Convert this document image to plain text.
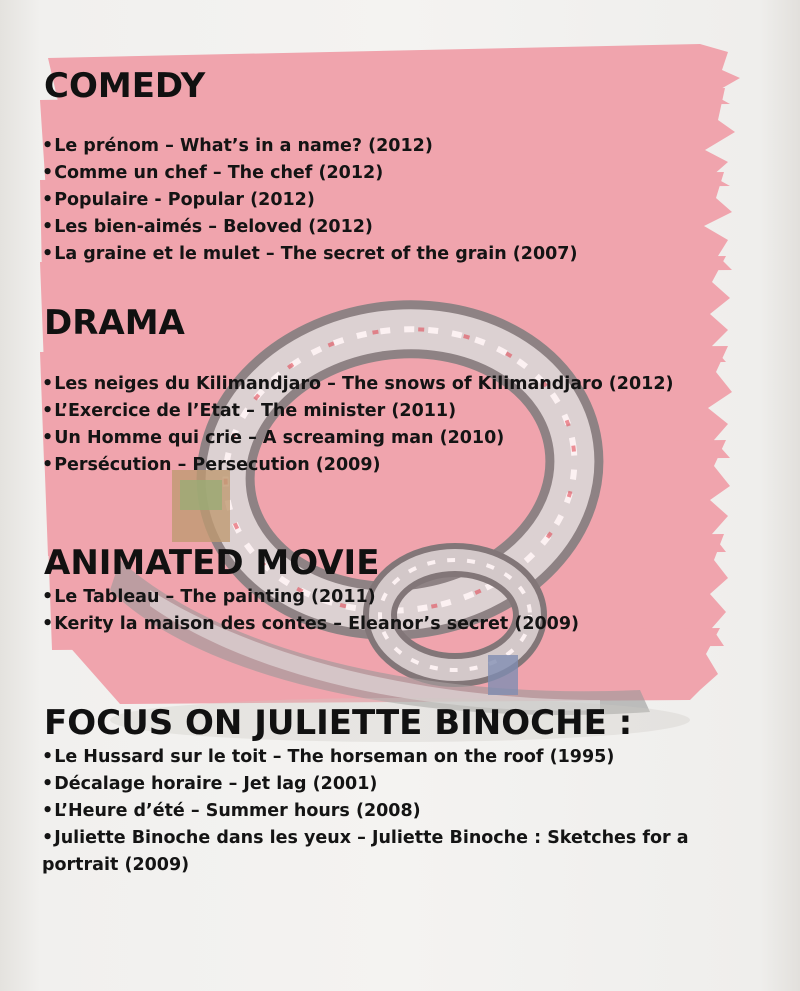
COMEDY
•Le prénom – What’s in a name? (2012)
•Comme un chef – The chef (2012)
•Populaire - Popular (2012)
•Les bien-aimés – Beloved (2012)
•La graine et le mulet – The secret of the grain (2007)
DRAMA
•Les neiges du Kilimandjaro – The snows of Kilimandjaro (2012)
•L’Exercice de l’Etat – The minister (2011)
•Un Homme qui crie – A screaming man (2010)
•Persécution – Persecution (2009)
ANIMATED MOVIE
•Le Tableau – The painting (2011)
•Kerity la maison des contes – Eleanor’s secret (2009)
FOCUS ON JULIETTE BINOCHE :
•Le Hussard sur le toit – The horseman on the roof (1995)
•Décalage horaire – Jet lag (2001)
•L’Heure d’été – Summer hours (2008)
•Juliette Binoche dans les yeux – Juliette Binoche : Sketches for a portrait (2009)
